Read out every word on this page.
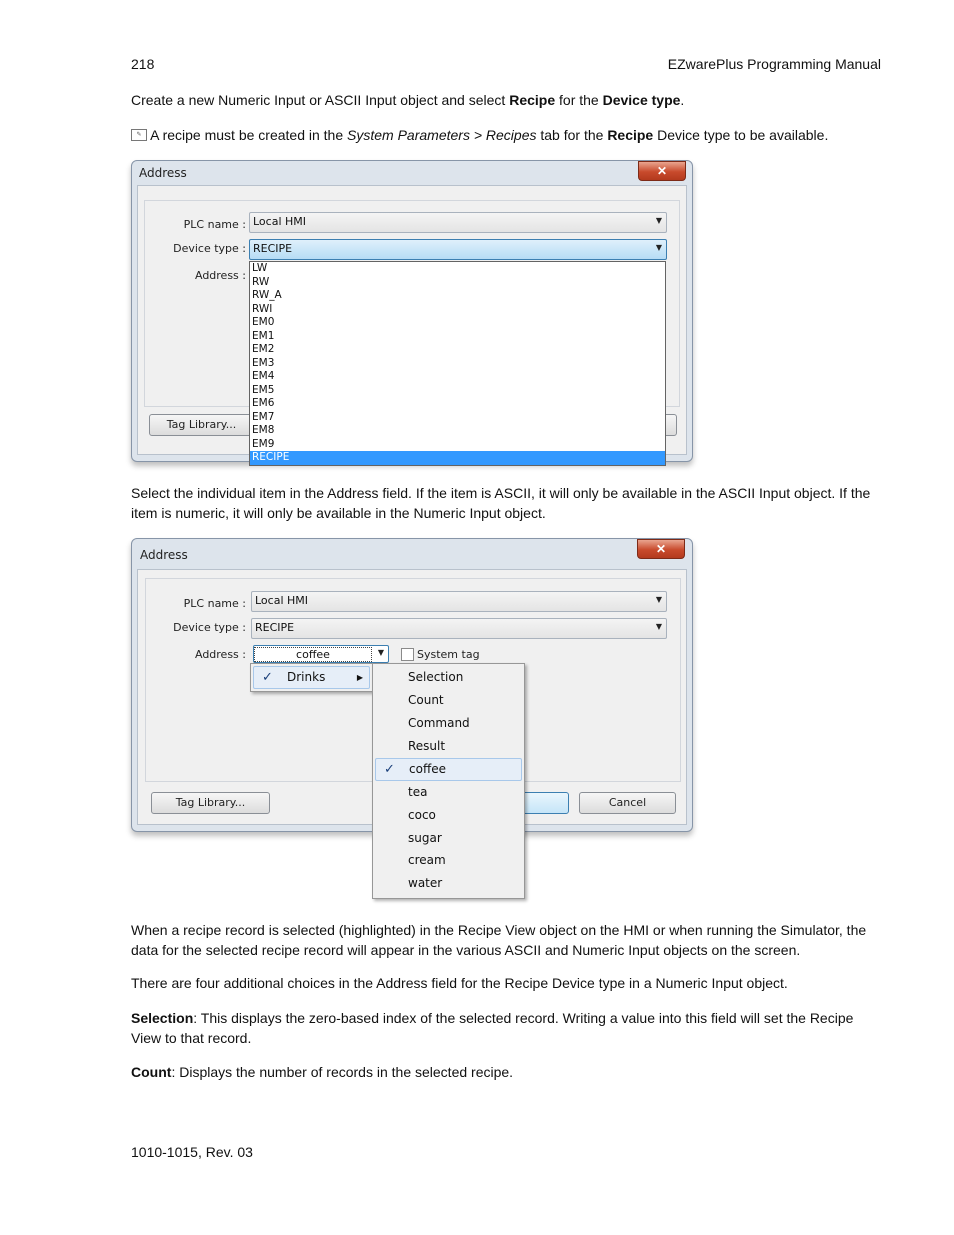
218	EZwarePlus Programming Manual

Create a new Numeric Input or ASCII Input object and select Recipe for the Device type.

✎ A recipe must be created in the System Parameters > Recipes tab for the Recipe Device type to be available.

Address	✕
PLC name : Local HMI	▼
Device type : RECIPE	▼
Address :
Tag Library...
LW
RW
RW_A
RWI
EM0
EM1
EM2
EM3
EM4
EM5
EM6
EM7
EM8
EM9
RECIPE

Select the individual item in the Address field. If the item is ASCII, it will only be available in the ASCII Input object. If the item is numeric, it will only be available in the Numeric Input object.

Address	✕
PLC name : Local HMI	▼
Device type : RECIPE	▼
Address :	coffee	▼	System tag
Tag Library...	Cancel
✓ Drinks	▶	Selection
Count
Command
Result
✓ coffee
tea
coco
sugar
cream
water

When a recipe record is selected (highlighted) in the Recipe View object on the HMI or when running the Simulator, the data for the selected recipe record will appear in the various ASCII and Numeric Input objects on the screen.

There are four additional choices in the Address field for the Recipe Device type in a Numeric Input object.

Selection: This displays the zero-based index of the selected record. Writing a value into this field will set the Recipe View to that record.

Count: Displays the number of records in the selected recipe.

1010-1015, Rev. 03
